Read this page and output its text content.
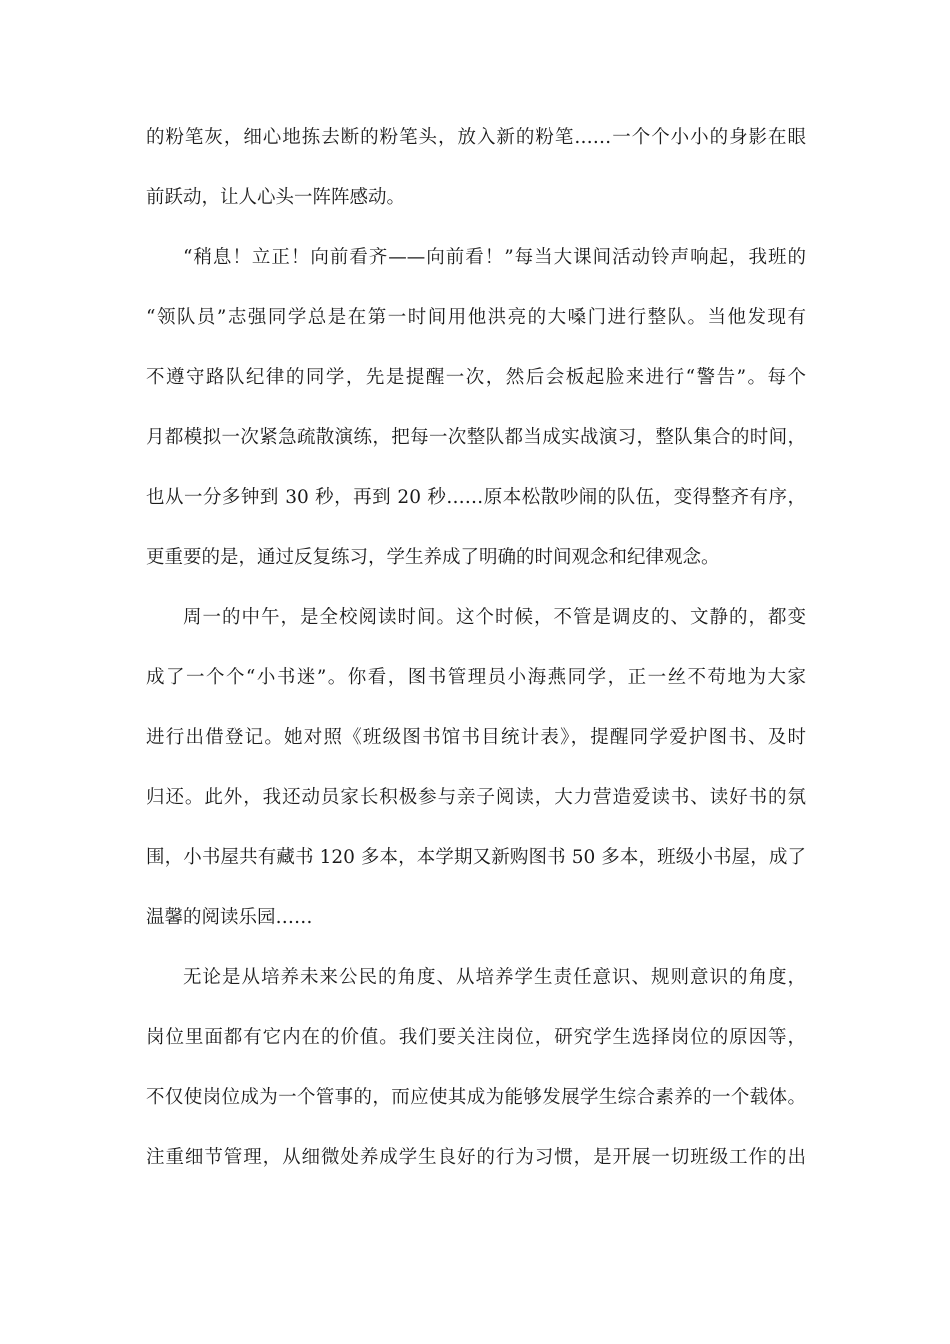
的粉笔灰，细心地拣去断的粉笔头，放入新的粉笔……一个个小小的身影在眼
前跃动，让人心头一阵阵感动。
“稍息！立正！向前看齐——向前看！”每当大课间活动铃声响起，我班的
“领队员”志强同学总是在第一时间用他洪亮的大嗓门进行整队。当他发现有
不遵守路队纪律的同学，先是提醒一次，然后会板起脸来进行“警告”。每个
月都模拟一次紧急疏散演练，把每一次整队都当成实战演习，整队集合的时间，
也从一分多钟到 30 秒，再到 20 秒……原本松散吵闹的队伍，变得整齐有序，
更重要的是，通过反复练习，学生养成了明确的时间观念和纪律观念。
周一的中午，是全校阅读时间。这个时候，不管是调皮的、文静的，都变
成了一个个“小书迷”。你看，图书管理员小海燕同学，正一丝不苟地为大家
进行出借登记。她对照《班级图书馆书目统计表》，提醒同学爱护图书、及时
归还。此外，我还动员家长积极参与亲子阅读，大力营造爱读书、读好书的氛
围，小书屋共有藏书 120 多本，本学期又新购图书 50 多本，班级小书屋，成了
温馨的阅读乐园……
无论是从培养未来公民的角度、从培养学生责任意识、规则意识的角度，
岗位里面都有它内在的价值。我们要关注岗位，研究学生选择岗位的原因等，
不仅使岗位成为一个管事的，而应使其成为能够发展学生综合素养的一个载体。
注重细节管理，从细微处养成学生良好的行为习惯，是开展一切班级工作的出
